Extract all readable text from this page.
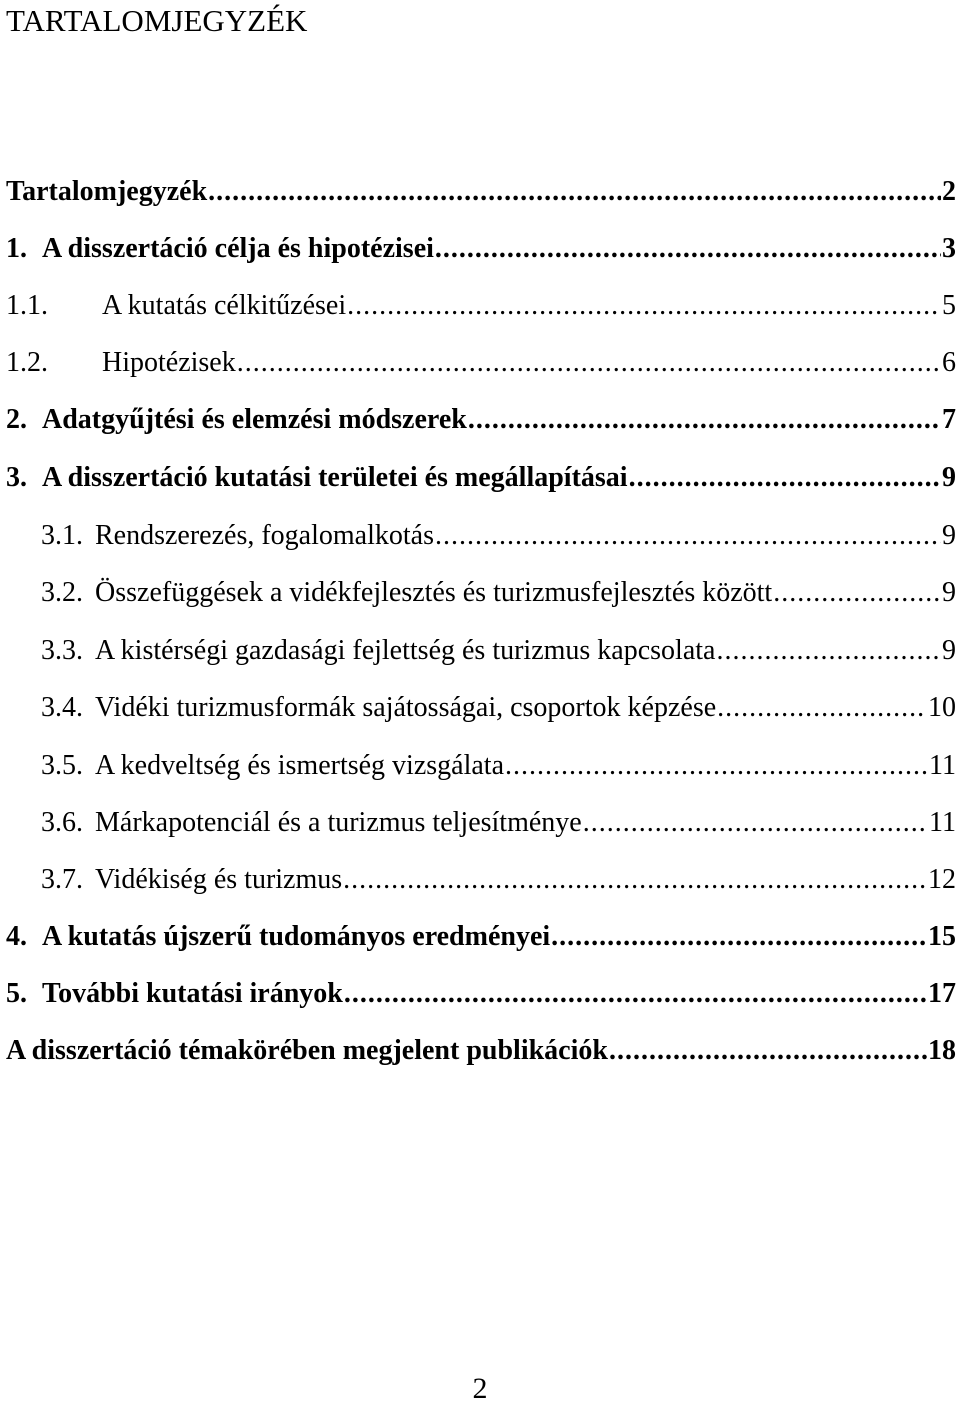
TARTALOMJEGYZÉK
Tartalomjegyzék .....	2
1. A disszertáció célja és hipotézisei .....	3
1.1.	A kutatás célkitűzései .....	5
1.2.	Hipotézisek .....	6
2. Adatgyűjtési és elemzési módszerek .....	7
3. A disszertáció kutatási területei és megállapításai .....	9
3.1. Rendszerezés, fogalomalkotás .....	9
3.2. Összefüggések a vidékfejlesztés és turizmusfejlesztés között .....	9
3.3. A kistérségi gazdasági fejlettség és turizmus kapcsolata .....	9
3.4. Vidéki turizmusformák sajátosságai, csoportok képzése .....	10
3.5. A kedveltség és ismertség vizsgálata .....	11
3.6. Márkapotenciál és a turizmus teljesítménye .....	11
3.7. Vidékiség és turizmus .....	12
4. A kutatás újszerű tudományos eredményei .....	15
5. További kutatási irányok .....	17
A disszertáció témakörében megjelent publikációk .....	18
2
